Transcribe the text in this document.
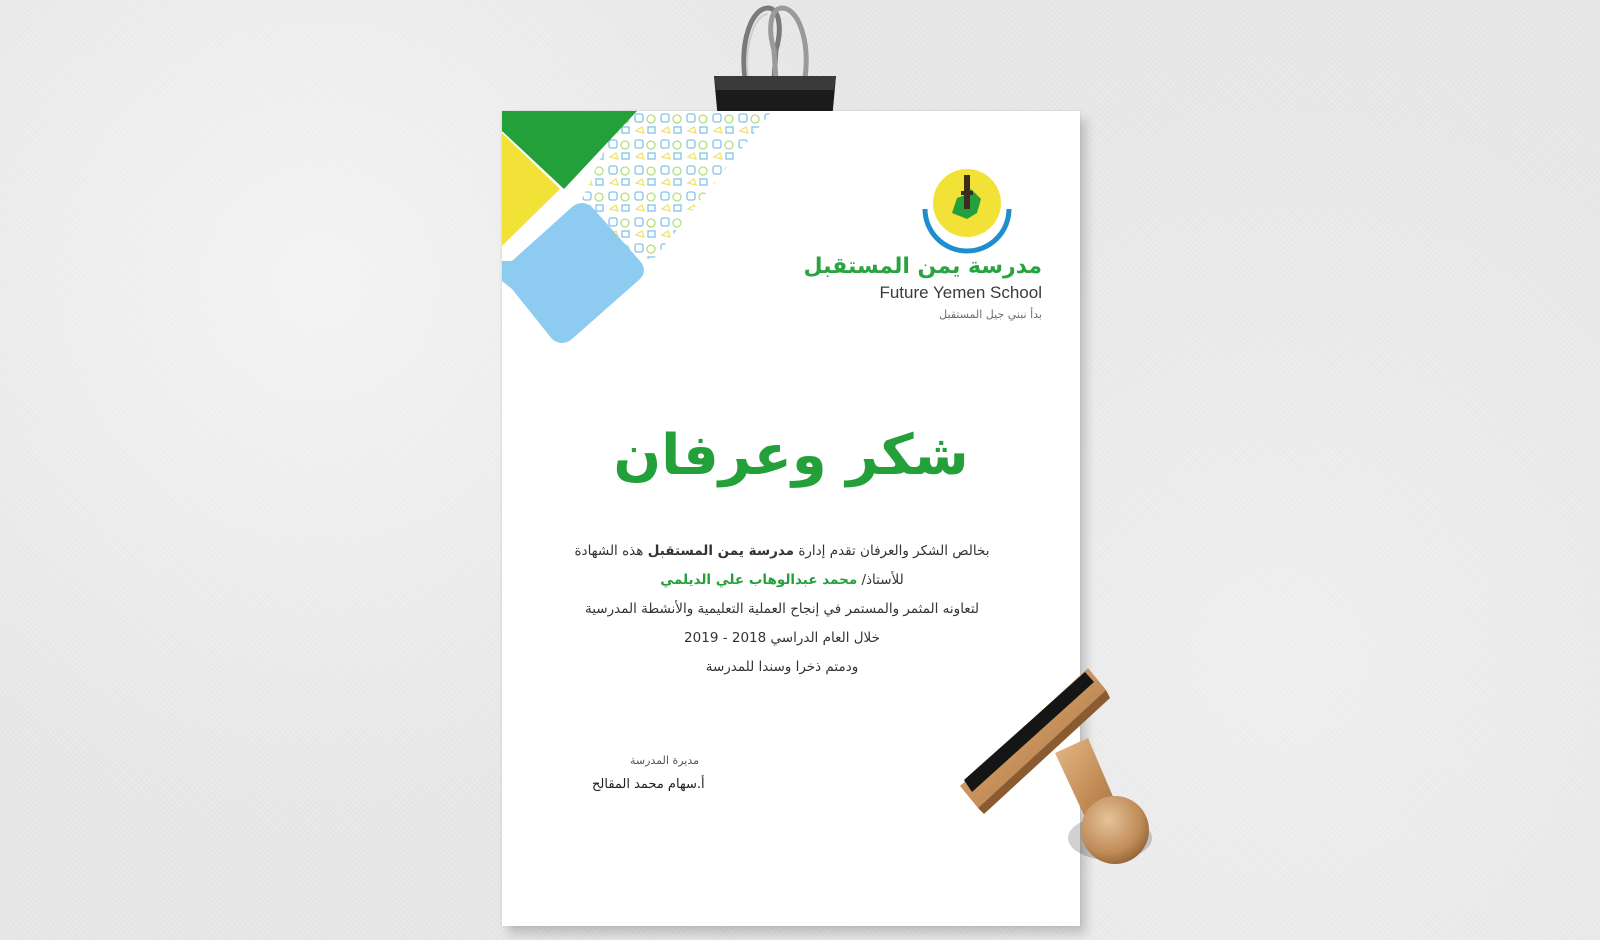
مدرسة يمن المستقبل
Future Yemen School
بدأ نبني جيل المستقبل
شكر وعرفان

بخالص الشكر والعرفان تقدم إدارة مدرسة يمن المستقبل هذه الشهادة

للأستاذ/ محمد عبدالوهاب علي الديلمي

لتعاونه المثمر والمستمر في إنجاح العملية التعليمية والأنشطة المدرسية

خلال العام الدراسي 2018 - 2019

ودمتم ذخرا وسندا للمدرسة

مديرة المدرسة
أ.سهام محمد المقالح
